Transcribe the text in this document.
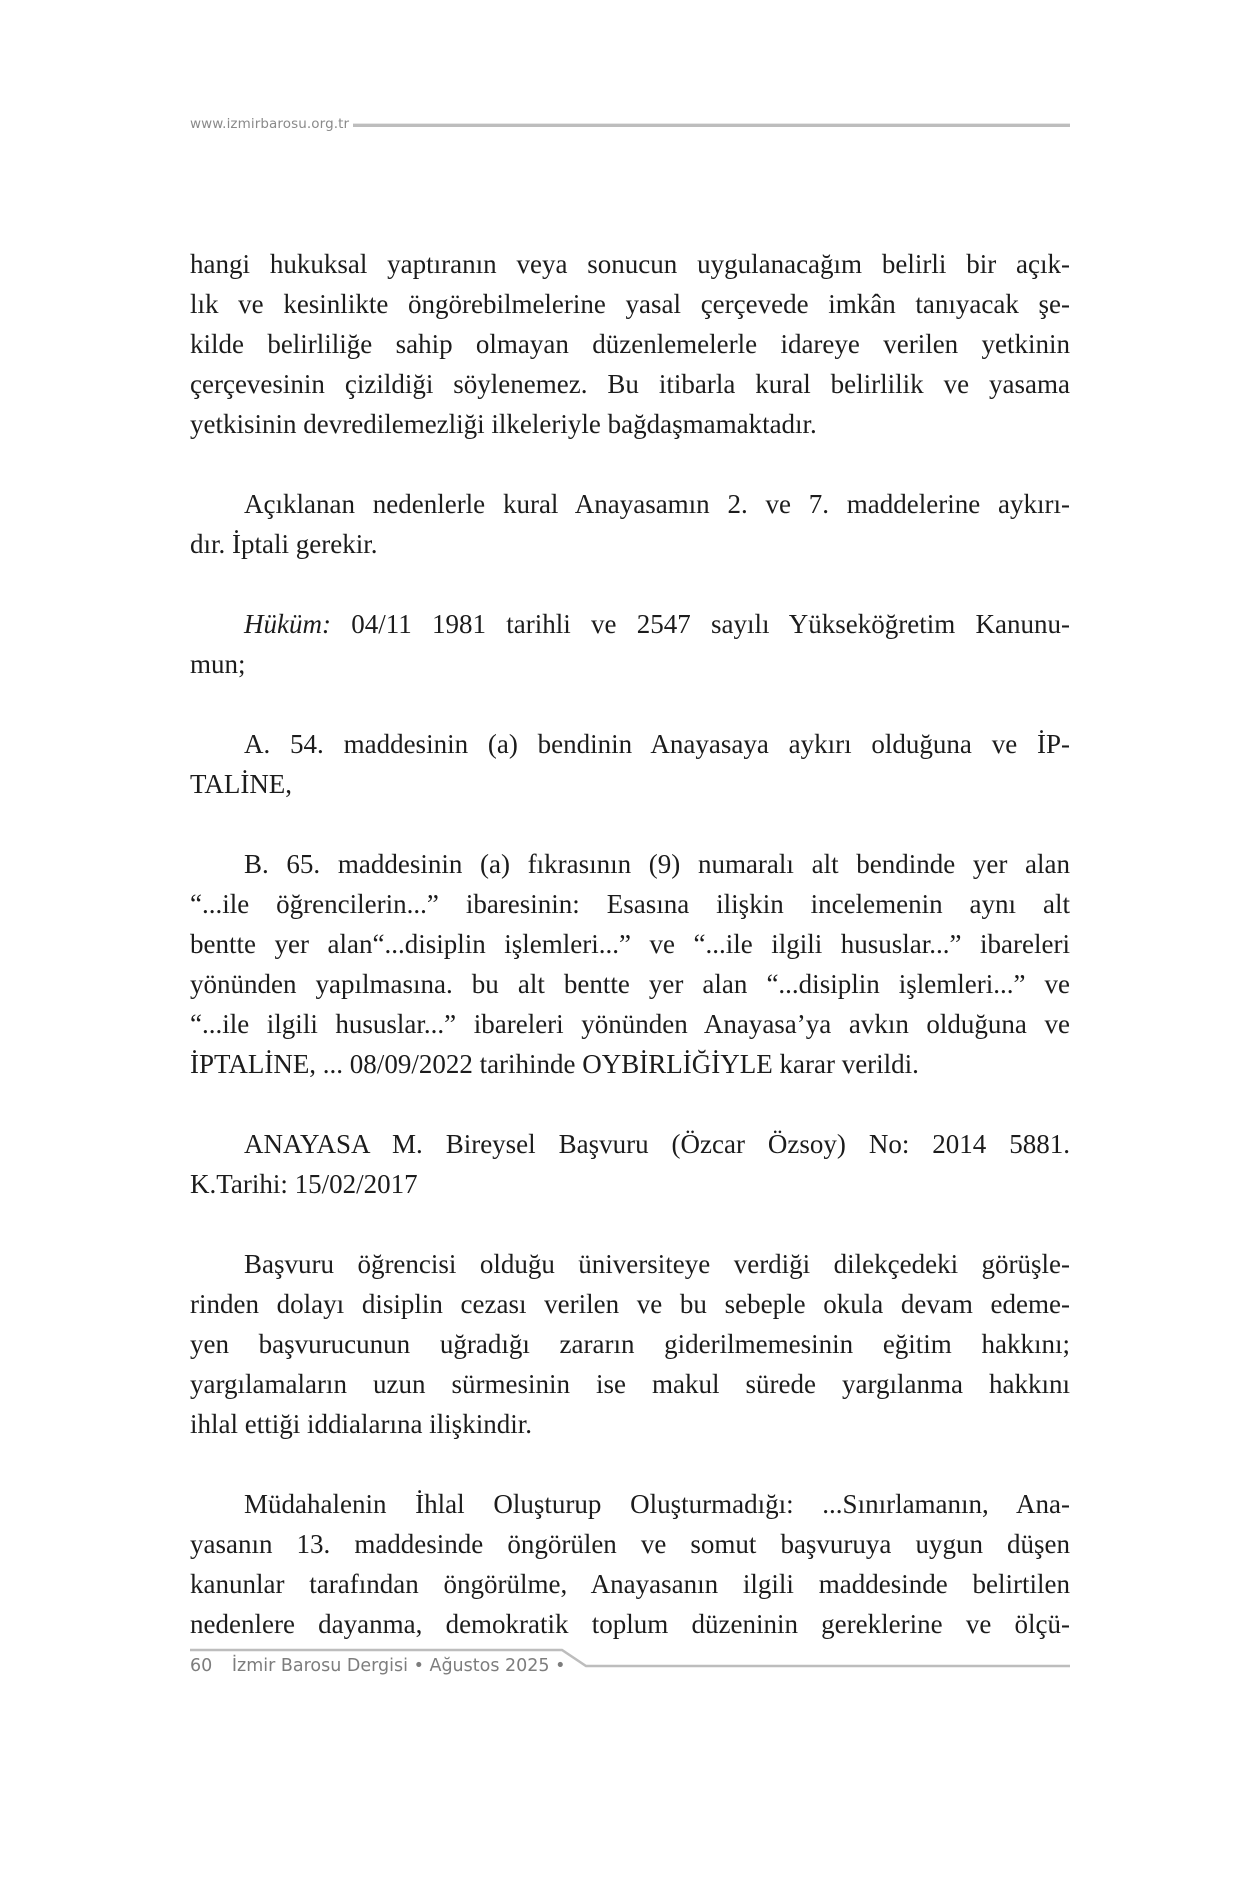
www.izmirbarosu.org.tr
hangi hukuksal yaptıranın veya sonucun uygulanacağım belirli bir açık-
lık ve kesinlikte öngörebilmelerine yasal çerçevede imkân tanıyacak şe-
kilde belirliliğe sahip olmayan düzenlemelerle idareye verilen yetkinin
çerçevesinin çizildiği söylenemez. Bu itibarla kural belirlilik ve yasama
yetkisinin devredilemezliği ilkeleriyle bağdaşmamaktadır.
Açıklanan nedenlerle kural Anayasamın 2. ve 7. maddelerine aykırı-
dır. İptali gerekir.
Hüküm: 04/11 1981 tarihli ve 2547 sayılı Yükseköğretim Kanunu-
mun;
A. 54. maddesinin (a) bendinin Anayasaya aykırı olduğuna ve İP-
TALİNE,
B. 65. maddesinin (a) fıkrasının (9) numaralı alt bendinde yer alan
“...ile öğrencilerin...” ibaresinin: Esasına ilişkin incelemenin aynı alt
bentte yer alan“...disiplin işlemleri...” ve “...ile ilgili hususlar...” ibareleri
yönünden yapılmasına. bu alt bentte yer alan “...disiplin işlemleri...” ve
“...ile ilgili hususlar...” ibareleri yönünden Anayasa’ya avkın olduğuna ve
İPTALİNE, ... 08/09/2022 tarihinde OYBİRLİĞİYLE karar verildi.
ANAYASA M. Bireysel Başvuru (Özcar Özsoy) No: 2014 5881.
K.Tarihi: 15/02/2017
Başvuru öğrencisi olduğu üniversiteye verdiği dilekçedeki görüşle-
rinden dolayı disiplin cezası verilen ve bu sebeple okula devam edeme-
yen başvurucunun uğradığı zararın giderilmemesinin eğitim hakkını;
yargılamaların uzun sürmesinin ise makul sürede yargılanma hakkını
ihlal ettiği iddialarına ilişkindir.
Müdahalenin İhlal Oluşturup Oluşturmadığı: ...Sınırlamanın, Ana-
yasanın 13. maddesinde öngörülen ve somut başvuruya uygun düşen
kanunlar tarafından öngörülme, Anayasanın ilgili maddesinde belirtilen
nedenlere dayanma, demokratik toplum düzeninin gereklerine ve ölçü-
60 İzmir Barosu Dergisi • Ağustos 2025 •
